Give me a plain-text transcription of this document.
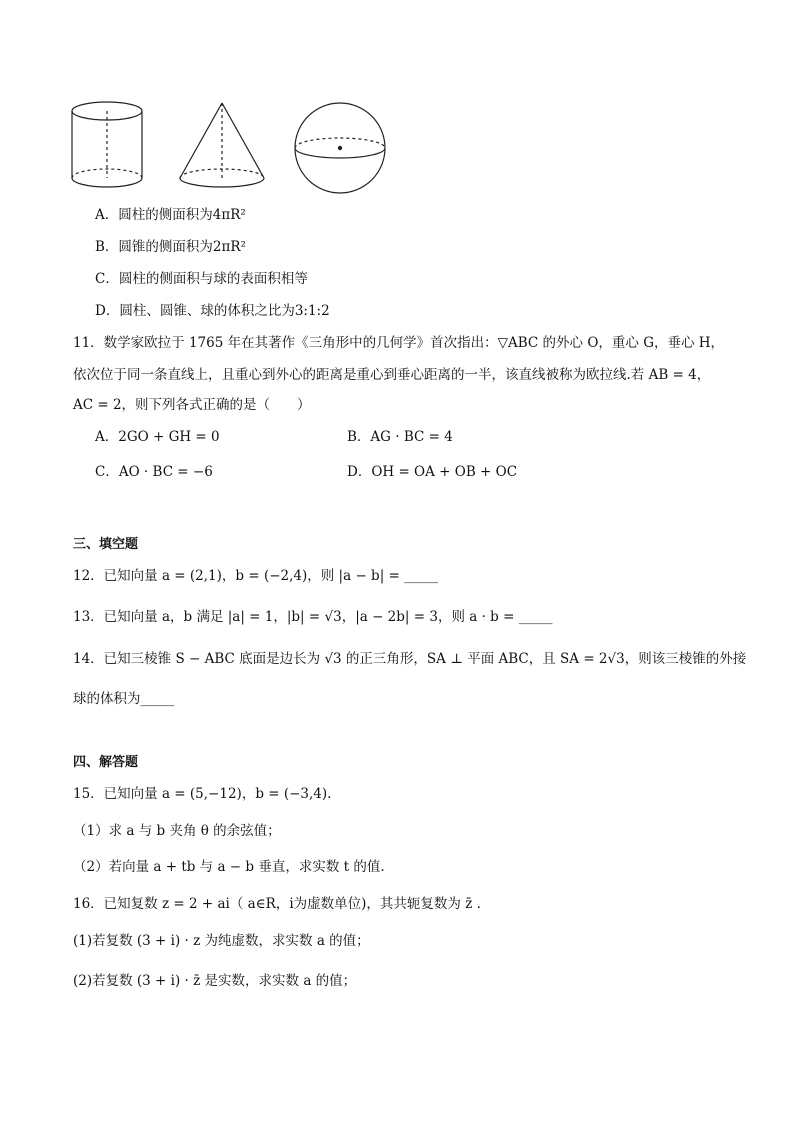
A．圆柱的侧面积为4πR²
B．圆锥的侧面积为2πR²
C．圆柱的侧面积与球的表面积相等
D．圆柱、圆锥、球的体积之比为3:1:2
11．数学家欧拉于 1765 年在其著作《三角形中的几何学》首次指出：▽ABC 的外心 O，重心 G，垂心 H，
依次位于同一条直线上，且重心到外心的距离是重心到垂心距离的一半，该直线被称为欧拉线.若 AB = 4，
AC = 2，则下列各式正确的是（　　）
A．2GO + GH = 0	B．AG · BC = 4
C．AO · BC = −6	D．OH = OA + OB + OC
三、填空题
12．已知向量 a = (2,1)，b = (−2,4)，则 |a − b| = _____
13．已知向量 a，b 满足 |a| = 1，|b| = √3，|a − 2b| = 3，则 a · b = _____
14．已知三棱锥 S − ABC 底面是边长为 √3 的正三角形，SA ⊥ 平面 ABC，且 SA = 2√3，则该三棱锥的外接
球的体积为_____
四、解答题
15．已知向量 a = (5,−12)，b = (−3,4).
（1）求 a 与 b 夹角 θ 的余弦值；
（2）若向量 a + tb 与 a − b 垂直，求实数 t 的值.
16．已知复数 z = 2 + ai（ a∈R，i为虚数单位)，其共轭复数为 z̄ .
(1)若复数 (3 + i) · z 为纯虚数，求实数 a 的值；
(2)若复数 (3 + i) · z̄ 是实数，求实数 a 的值；
